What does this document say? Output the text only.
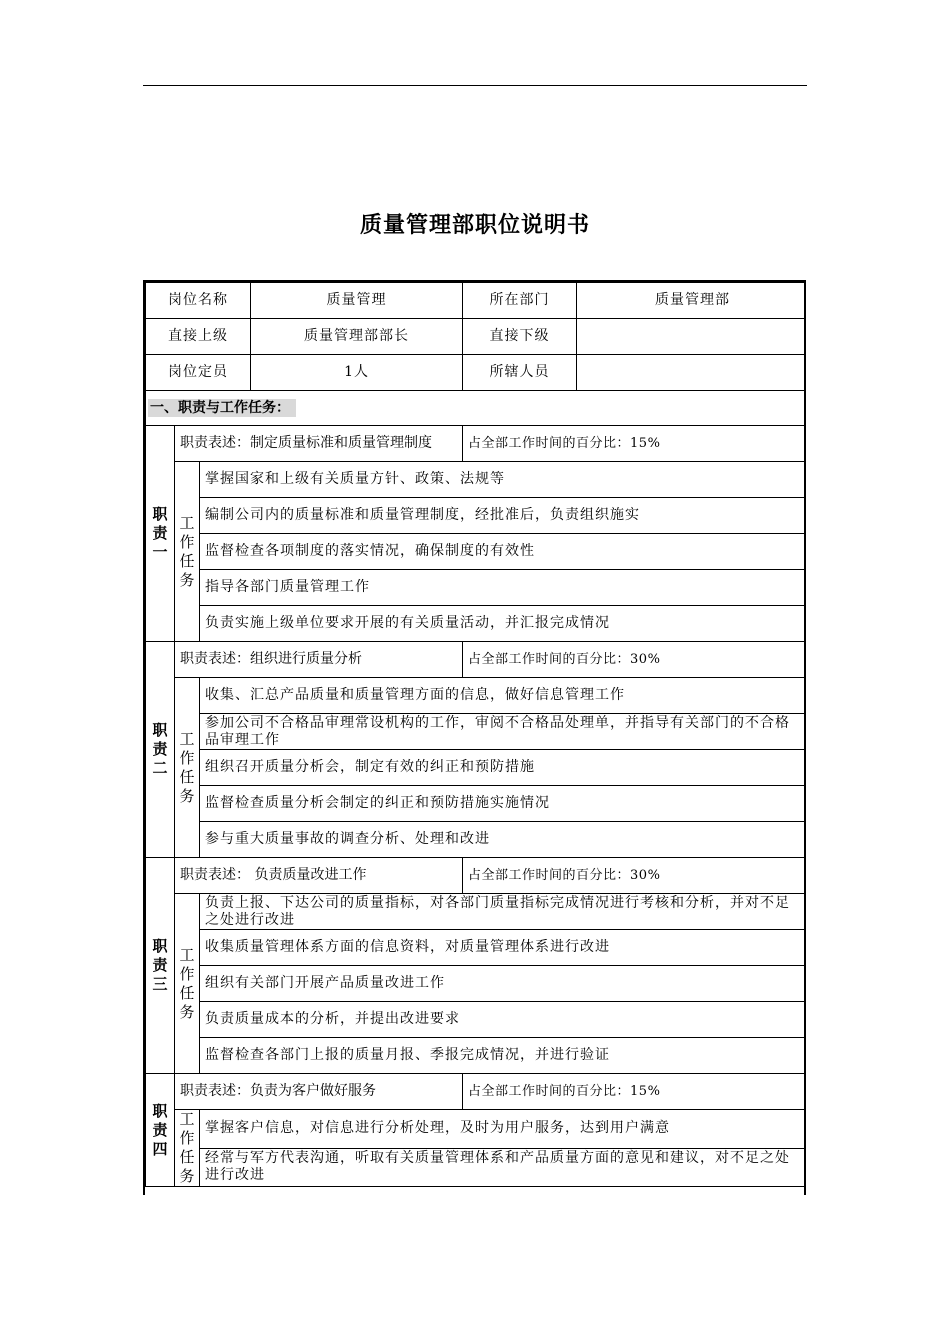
质量管理部职位说明书
岗位名称			质量管理	所在部门	质量管理部
直接上级			质量管理部部长	直接下级	
岗位定员			1人	所辖人员	
一、职责与工作任务：					

职
责
一	职责表述：制定质量标准和质量管理制度			占全部工作时间的百分比：15%	

	工
作
任
务	掌握国家和上级有关质量方针、政策、法规等			
		编制公司内的质量标准和质量管理制度，经批准后，负责组织施实			
		监督检查各项制度的落实情况，确保制度的有效性			
		指导各部门质量管理工作			
		负责实施上级单位要求开展的有关质量活动，并汇报完成情况			

职
责
二	职责表述：组织进行质量分析			占全部工作时间的百分比：30%	

	工
作
任
务	收集、汇总产品质量和质量管理方面的信息，做好信息管理工作			
		参加公司不合格品审理常设机构的工作，审阅不合格品处理单，并指导有关部门的不合格品审理工作			
		组织召开质量分析会，制定有效的纠正和预防措施			
		监督检查质量分析会制定的纠正和预防措施实施情况			
		参与重大质量事故的调查分析、处理和改进			

职
责
三	职责表述： 负责质量改进工作			占全部工作时间的百分比：30%	

	工
作
任
务	负责上报、下达公司的质量指标，对各部门质量指标完成情况进行考核和分析，并对不足之处进行改进			
		收集质量管理体系方面的信息资料，对质量管理体系进行改进			
		组织有关部门开展产品质量改进工作			
		负责质量成本的分析，并提出改进要求			
		监督检查各部门上报的质量月报、季报完成情况，并进行验证			

职
责
四	职责表述：负责为客户做好服务			占全部工作时间的百分比：15%	

	工
作
任
务	掌握客户信息，对信息进行分析处理，及时为用户服务，达到用户满意			
		经常与军方代表沟通，听取有关质量管理体系和产品质量方面的意见和建议，对不足之处进行改进			
